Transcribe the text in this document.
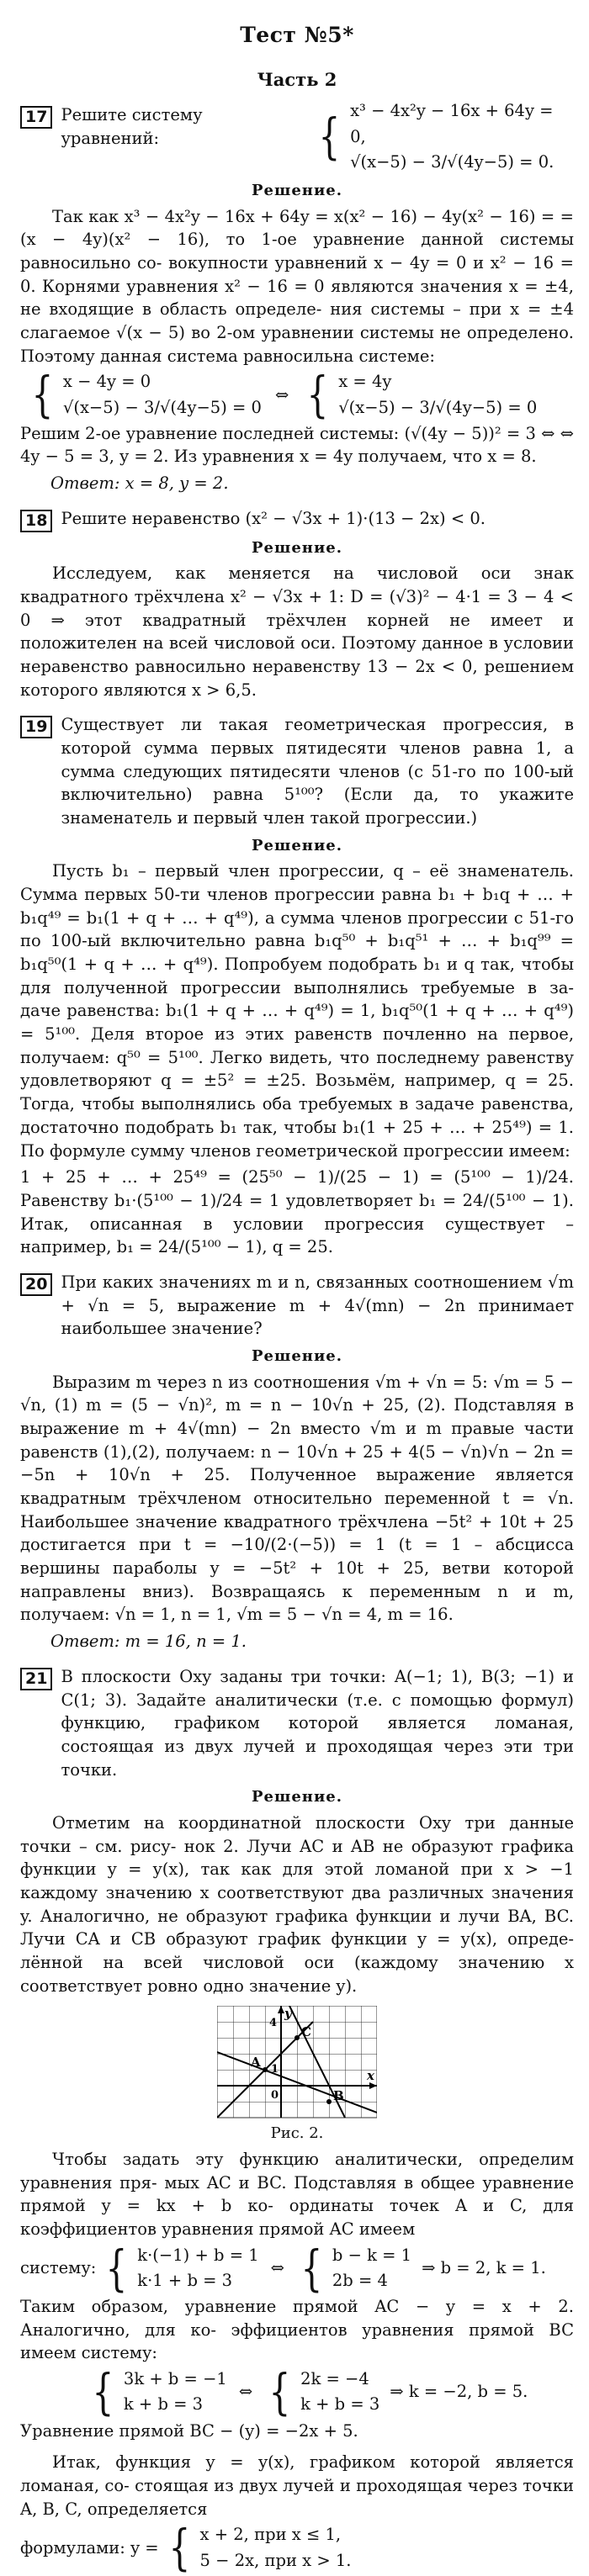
Тест №5*
Часть 2
17 Решите систему уравнений:	{ x³ − 4x²y − 16x + 64y = 0,
√(x−5) − 3/√(4y−5) = 0.
Решение.
Так как x³ − 4x²y − 16x + 64y = x(x² − 16) − 4y(x² − 16) = = (x − 4y)(x² − 16), то 1-ое уравнение данной системы равносильно со- вокупности уравнений x − 4y = 0 и x² − 16 = 0. Корнями уравнения x² − 16 = 0 являются значения x = ±4, не входящие в область определе- ния системы – при x = ±4 слагаемое √(x − 5) во 2-ом уравнении системы не определено. Поэтому данная система равносильна системе:
{ x − 4y = 0
√(x−5) − 3/√(4y−5) = 0
⇔ { x = 4y
√(x−5) − 3/√(4y−5) = 0
Решим 2-ое уравнение последней системы: (√(4y − 5))² = 3 ⇔ ⇔ 4y − 5 = 3, y = 2. Из уравнения x = 4y получаем, что x = 8.
Ответ: x = 8, y = 2.
18 Решите неравенство (x² − √3x + 1)·(13 − 2x) < 0.
Решение.
Исследуем, как меняется на числовой оси знак квадратного трёхчлена x² − √3x + 1: D = (√3)² − 4·1 = 3 − 4 < 0 ⇒ этот квадратный трёхчлен корней не имеет и положителен на всей числовой оси. Поэтому данное в условии неравенство равносильно неравенству 13 − 2x < 0, решением которого являются x > 6,5.
19 Существует ли такая геометрическая прогрессия, в которой сумма первых пятидесяти членов равна 1, а сумма следующих пятидесяти членов (с 51-го по 100-ый включительно) равна 5¹⁰⁰? (Если да, то укажите знаменатель и первый член такой прогрессии.)
Решение.
Пусть b₁ – первый член прогрессии, q – её знаменатель. Сумма первых 50-ти членов прогрессии равна b₁ + b₁q + … + b₁q⁴⁹ = b₁(1 + q + … + q⁴⁹), а сумма членов прогрессии с 51-го по 100-ый включительно равна b₁q⁵⁰ + b₁q⁵¹ + … + b₁q⁹⁹ = b₁q⁵⁰(1 + q + … + q⁴⁹). Попробуем подобрать b₁ и q так, чтобы для полученной прогрессии выполнялись требуемые в за- даче равенства: b₁(1 + q + … + q⁴⁹) = 1, b₁q⁵⁰(1 + q + … + q⁴⁹) = 5¹⁰⁰. Деля второе из этих равенств почленно на первое, получаем: q⁵⁰ = 5¹⁰⁰. Легко видеть, что последнему равенству удовлетворяют q = ±5² = ±25. Возьмём, например, q = 25. Тогда, чтобы выполнялись оба требуемых в задаче равенства, достаточно подобрать b₁ так, чтобы b₁(1 + 25 + … + 25⁴⁹) = 1. По формуле сумму членов геометрической прогрессии имеем:
1 + 25 + … + 25⁴⁹ = (25⁵⁰ − 1)/(25 − 1) = (5¹⁰⁰ − 1)/24. Равенству b₁·(5¹⁰⁰ − 1)/24 = 1 удовлетворяет b₁ = 24/(5¹⁰⁰ − 1). Итак, описанная в условии прогрессия существует – например, b₁ = 24/(5¹⁰⁰ − 1), q = 25.
20 При каких значениях m и n, связанных соотношением √m + √n = 5, выражение m + 4√(mn) − 2n принимает наибольшее значение?
Решение.
Выразим m через n из соотношения √m + √n = 5: √m = 5 − √n, (1) m = (5 − √n)², m = n − 10√n + 25, (2). Подставляя в выражение m + 4√(mn) − 2n вместо √m и m правые части равенств (1),(2), получаем: n − 10√n + 25 + 4(5 − √n)√n − 2n = −5n + 10√n + 25. Полученное выражение является квадратным трёхчленом относительно переменной t = √n. Наибольшее значение квадратного трёхчлена −5t² + 10t + 25 достигается при t = −10/(2·(−5)) = 1 (t = 1 – абсцисса вершины параболы y = −5t² + 10t + 25, ветви которой направлены вниз). Возвращаясь к переменным n и m, получаем: √n = 1, n = 1, √m = 5 − √n = 4, m = 16.
Ответ: m = 16, n = 1.
21 В плоскости Oxy заданы три точки: A(−1; 1), B(3; −1) и C(1; 3). Задайте аналитически (т.е. с помощью формул) функцию, графиком которой является ломаная, состоящая из двух лучей и проходящая через эти три точки.
Решение.
Отметим на координатной плоскости Oxy три данные точки – см. рису- нок 2. Лучи AC и AB не образуют графика функции y = y(x), так как для этой ломаной при x > −1 каждому значению x соответствуют два различных значения y. Аналогично, не образуют графика функции и лучи BA, BC. Лучи CA и CB образуют график функции y = y(x), опреде- лённой на всей числовой оси (каждому значению x соответствует ровно одно значение y).
y
x
A
B
C
1
0
4
Рис. 2.
Чтобы задать эту функцию аналитически, определим уравнения пря- мых AC и BC. Подставляя в общее уравнение прямой y = kx + b ко- ординаты точек A и C, для коэффициентов уравнения прямой AC имеем
систему: { k·(−1) + b = 1
k·1 + b = 3
⇔ { b − k = 1
2b = 4
⇒ b = 2, k = 1.
Таким образом, уравнение прямой AC − y = x + 2. Аналогично, для ко- эффициентов уравнения прямой BC имеем систему:
{ 3k + b = −1
k + b = 3
⇔ { 2k = −4
k + b = 3
⇒ k = −2, b = 5.
Уравнение прямой BC − (y) = −2x + 5.
Итак, функция y = y(x), графиком которой является ломаная, со- стоящая из двух лучей и проходящая через точки A, B, C, определяется
формулами: y = { x + 2, при x ≤ 1,
5 − 2x, при x > 1.
